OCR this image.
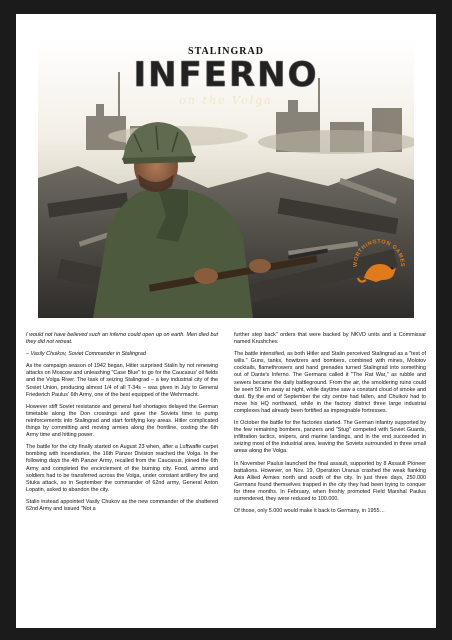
STALINGRAD
INFERNO
on the Volga
WORTHINGTON GAMES

I would not have believed such an inferno could open up on earth. Men died but they did not retreat.

– Vasily Chuikov, Soviet Commander in Stalingrad

As the campaign season of 1942 began, Hitler surprised Stalin by not renewing attacks on Moscow and unleashing "Case Blue" to go for the Caucasus' oil fields and the Volga River. The task of seizing Stalingrad – a key industrial city of the Soviet Union, producing almost 1/4 of all T-34s – was given in July to General Friederich Paulus' 6th Army, one of the best equipped of the Wehrmacht.

However stiff Soviet resistance and general fuel shortages delayed the German timetable along the Don crossings and gave the Soviets time to pump reinforcements into Stalingrad and start fortifying key areas. Hitler complicated things by committing and moving armies along the frontline, costing the 6th Army time and hitting power.

The battle for the city finally started on August 23 when, after a Luftwaffe carpet bombing with incendiaries, the 16th Panzer Division reached the Volga. In the following days the 4th Panzer Army, recalled from the Caucasus, joined the 6th Army and completed the encirclement of the burning city. Food, ammo and soldiers had to be transferred across the Volga, under constant artillery fire and Stuka attack, so in September the commander of 62nd army, General Anton Lopatin, asked to abandon the city.

Stalin instead appointed Vasily Chukov as the new commander of the shattered 62nd Army and issued "Not a

further step back" orders that were backed by NKVD units and a Commissar named Krushchev.

The battle intensified, as both Hitler and Stalin perceived Stalingrad as a "test of wills." Guns, tanks, howitzers and bombers, combined with mines, Molotov cocktails, flamethrowers and hand grenades turned Stalingrad into something out of Dante's Inferno. The Germans called it "The Rat War," as rubble and sewers became the daily battleground. From the air, the smoldering ruins could be seen 50 km away at night, while daytime saw a constant cloud of smoke and dust. By the end of September the city centre had fallen, and Chuikov had to move his HQ northward, while in the factory district three large industrial complexes had already been fortified as impregnable fortresses.

In October the battle for the factories started. The German infantry supported by the few remaining bombers, panzers and "Stug" competed with Soviet Guards, infiltration tactics, snipers, and marine landings, and in the end succeeded in seizing most of the industrial area, leaving the Soviets surrounded in three small areas along the Volga.

In November Paulus launched the final assault, supported by 8 Assault Pioneer battalions. However, on Nov. 19, Operation Uranus crashed the weak flanking Axis Allied Armies north and south of the city. In just three days, 250.000 Germans found themselves trapped in the city they had been trying to conquer for three months. In February, when freshly promoted Field Marshal Paulus surrendered, they were reduced to 100.000.

Of those, only 5.000 would make it back to Germany, in 1955…
